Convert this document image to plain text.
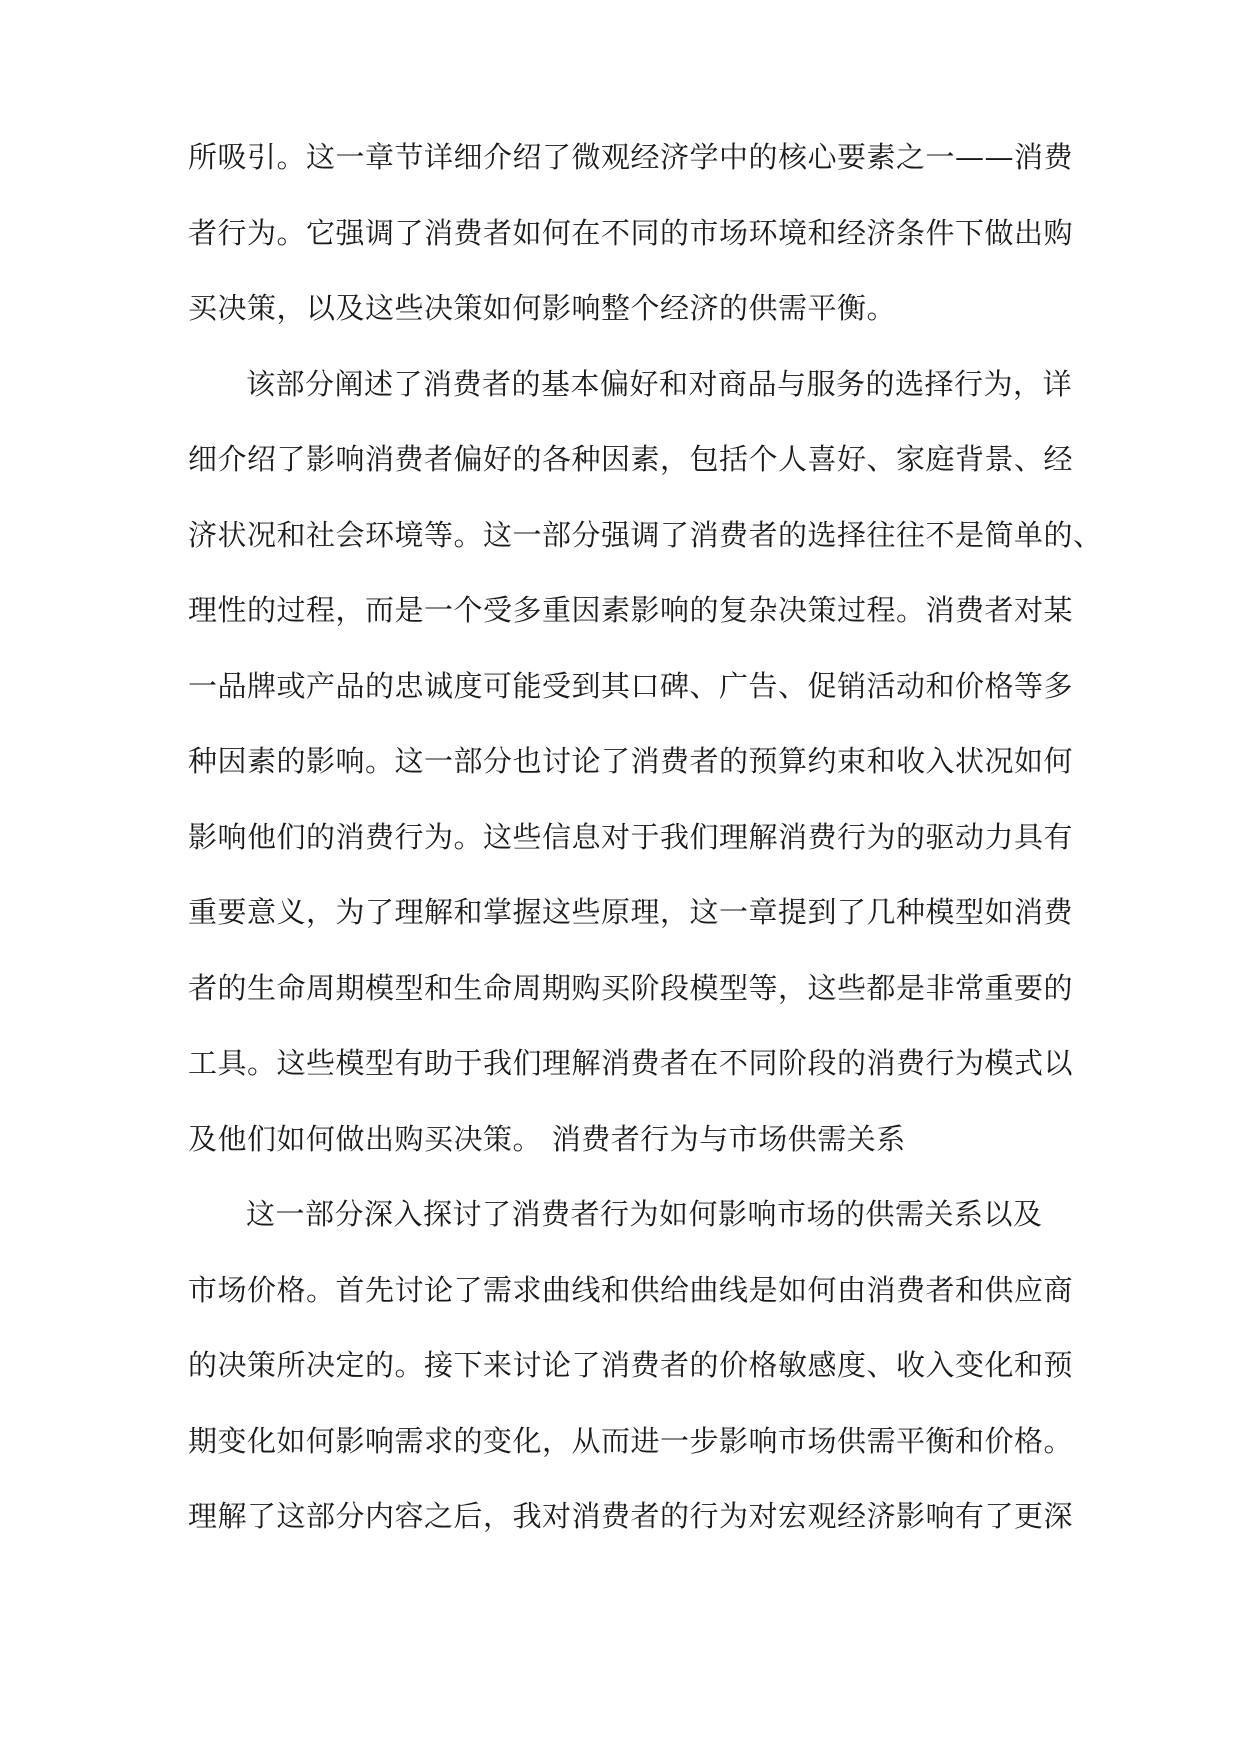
所吸引。这一章节详细介绍了微观经济学中的核心要素之一——消费
者行为。它强调了消费者如何在不同的市场环境和经济条件下做出购
买决策，以及这些决策如何影响整个经济的供需平衡。
该部分阐述了消费者的基本偏好和对商品与服务的选择行为，详
细介绍了影响消费者偏好的各种因素，包括个人喜好、家庭背景、经
济状况和社会环境等。这一部分强调了消费者的选择往往不是简单的、
理性的过程，而是一个受多重因素影响的复杂决策过程。消费者对某
一品牌或产品的忠诚度可能受到其口碑、广告、促销活动和价格等多
种因素的影响。这一部分也讨论了消费者的预算约束和收入状况如何
影响他们的消费行为。这些信息对于我们理解消费行为的驱动力具有
重要意义，为了理解和掌握这些原理，这一章提到了几种模型如消费
者的生命周期模型和生命周期购买阶段模型等，这些都是非常重要的
工具。这些模型有助于我们理解消费者在不同阶段的消费行为模式以
及他们如何做出购买决策。 消费者行为与市场供需关系
这一部分深入探讨了消费者行为如何影响市场的供需关系以及
市场价格。首先讨论了需求曲线和供给曲线是如何由消费者和供应商
的决策所决定的。接下来讨论了消费者的价格敏感度、收入变化和预
期变化如何影响需求的变化，从而进一步影响市场供需平衡和价格。
理解了这部分内容之后，我对消费者的行为对宏观经济影响有了更深
